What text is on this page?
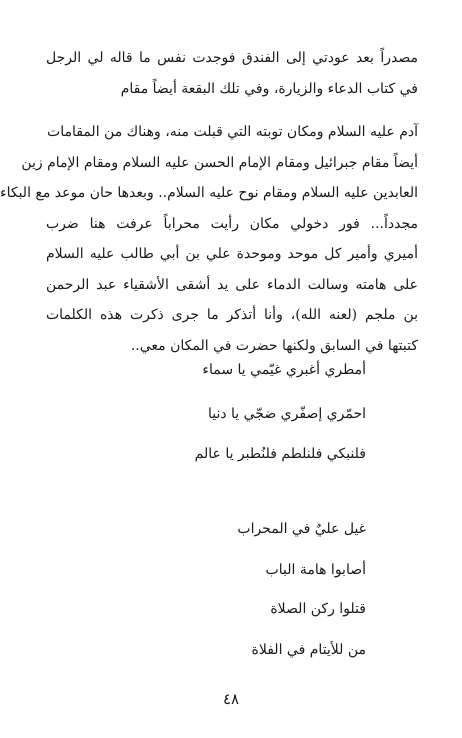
مصدراً بعد عودتي إلى الفندق فوجدت نفس ما قاله لي الرجل
في كتاب الدعاء والزيارة، وفي تلك البقعة أيضاً مقام
آدم عليه السلام ومكان توبته التي قبلت منه، وهناك من المقامات
أيضاً مقام جبرائيل ومقام الإمام الحسن عليه السلام ومقام الإمام زين
العابدين عليه السلام ومقام نوح عليه السلام.. وبعدها حان موعد مع البكاء
مجدداً... فور دخولي مكان رأيت محراباً عرفت هنا ضرب
أميري وأمير كل موحد وموحدة علي بن أبي طالب عليه السلام
على هامته وسالت الدماء على يد أشقى الأشقياء عبد الرحمن
بن ملجم (لعنه الله)، وأنا أتذكر ما جرى ذكرت هذه الكلمات
كتبتها في السابق ولكنها حضرت في المكان معي..

أمطري أغبري غيّمي يا سماء

احمّري إصفّري ضجّي يا دنيا

فلنبكي فلنلطم فلنُطبر يا عالم

غيل عليٌ في المحراب

أصابوا هامة الباب

قتلوا ركن الصلاة

من للأيتام في الفلاة

٤٨
